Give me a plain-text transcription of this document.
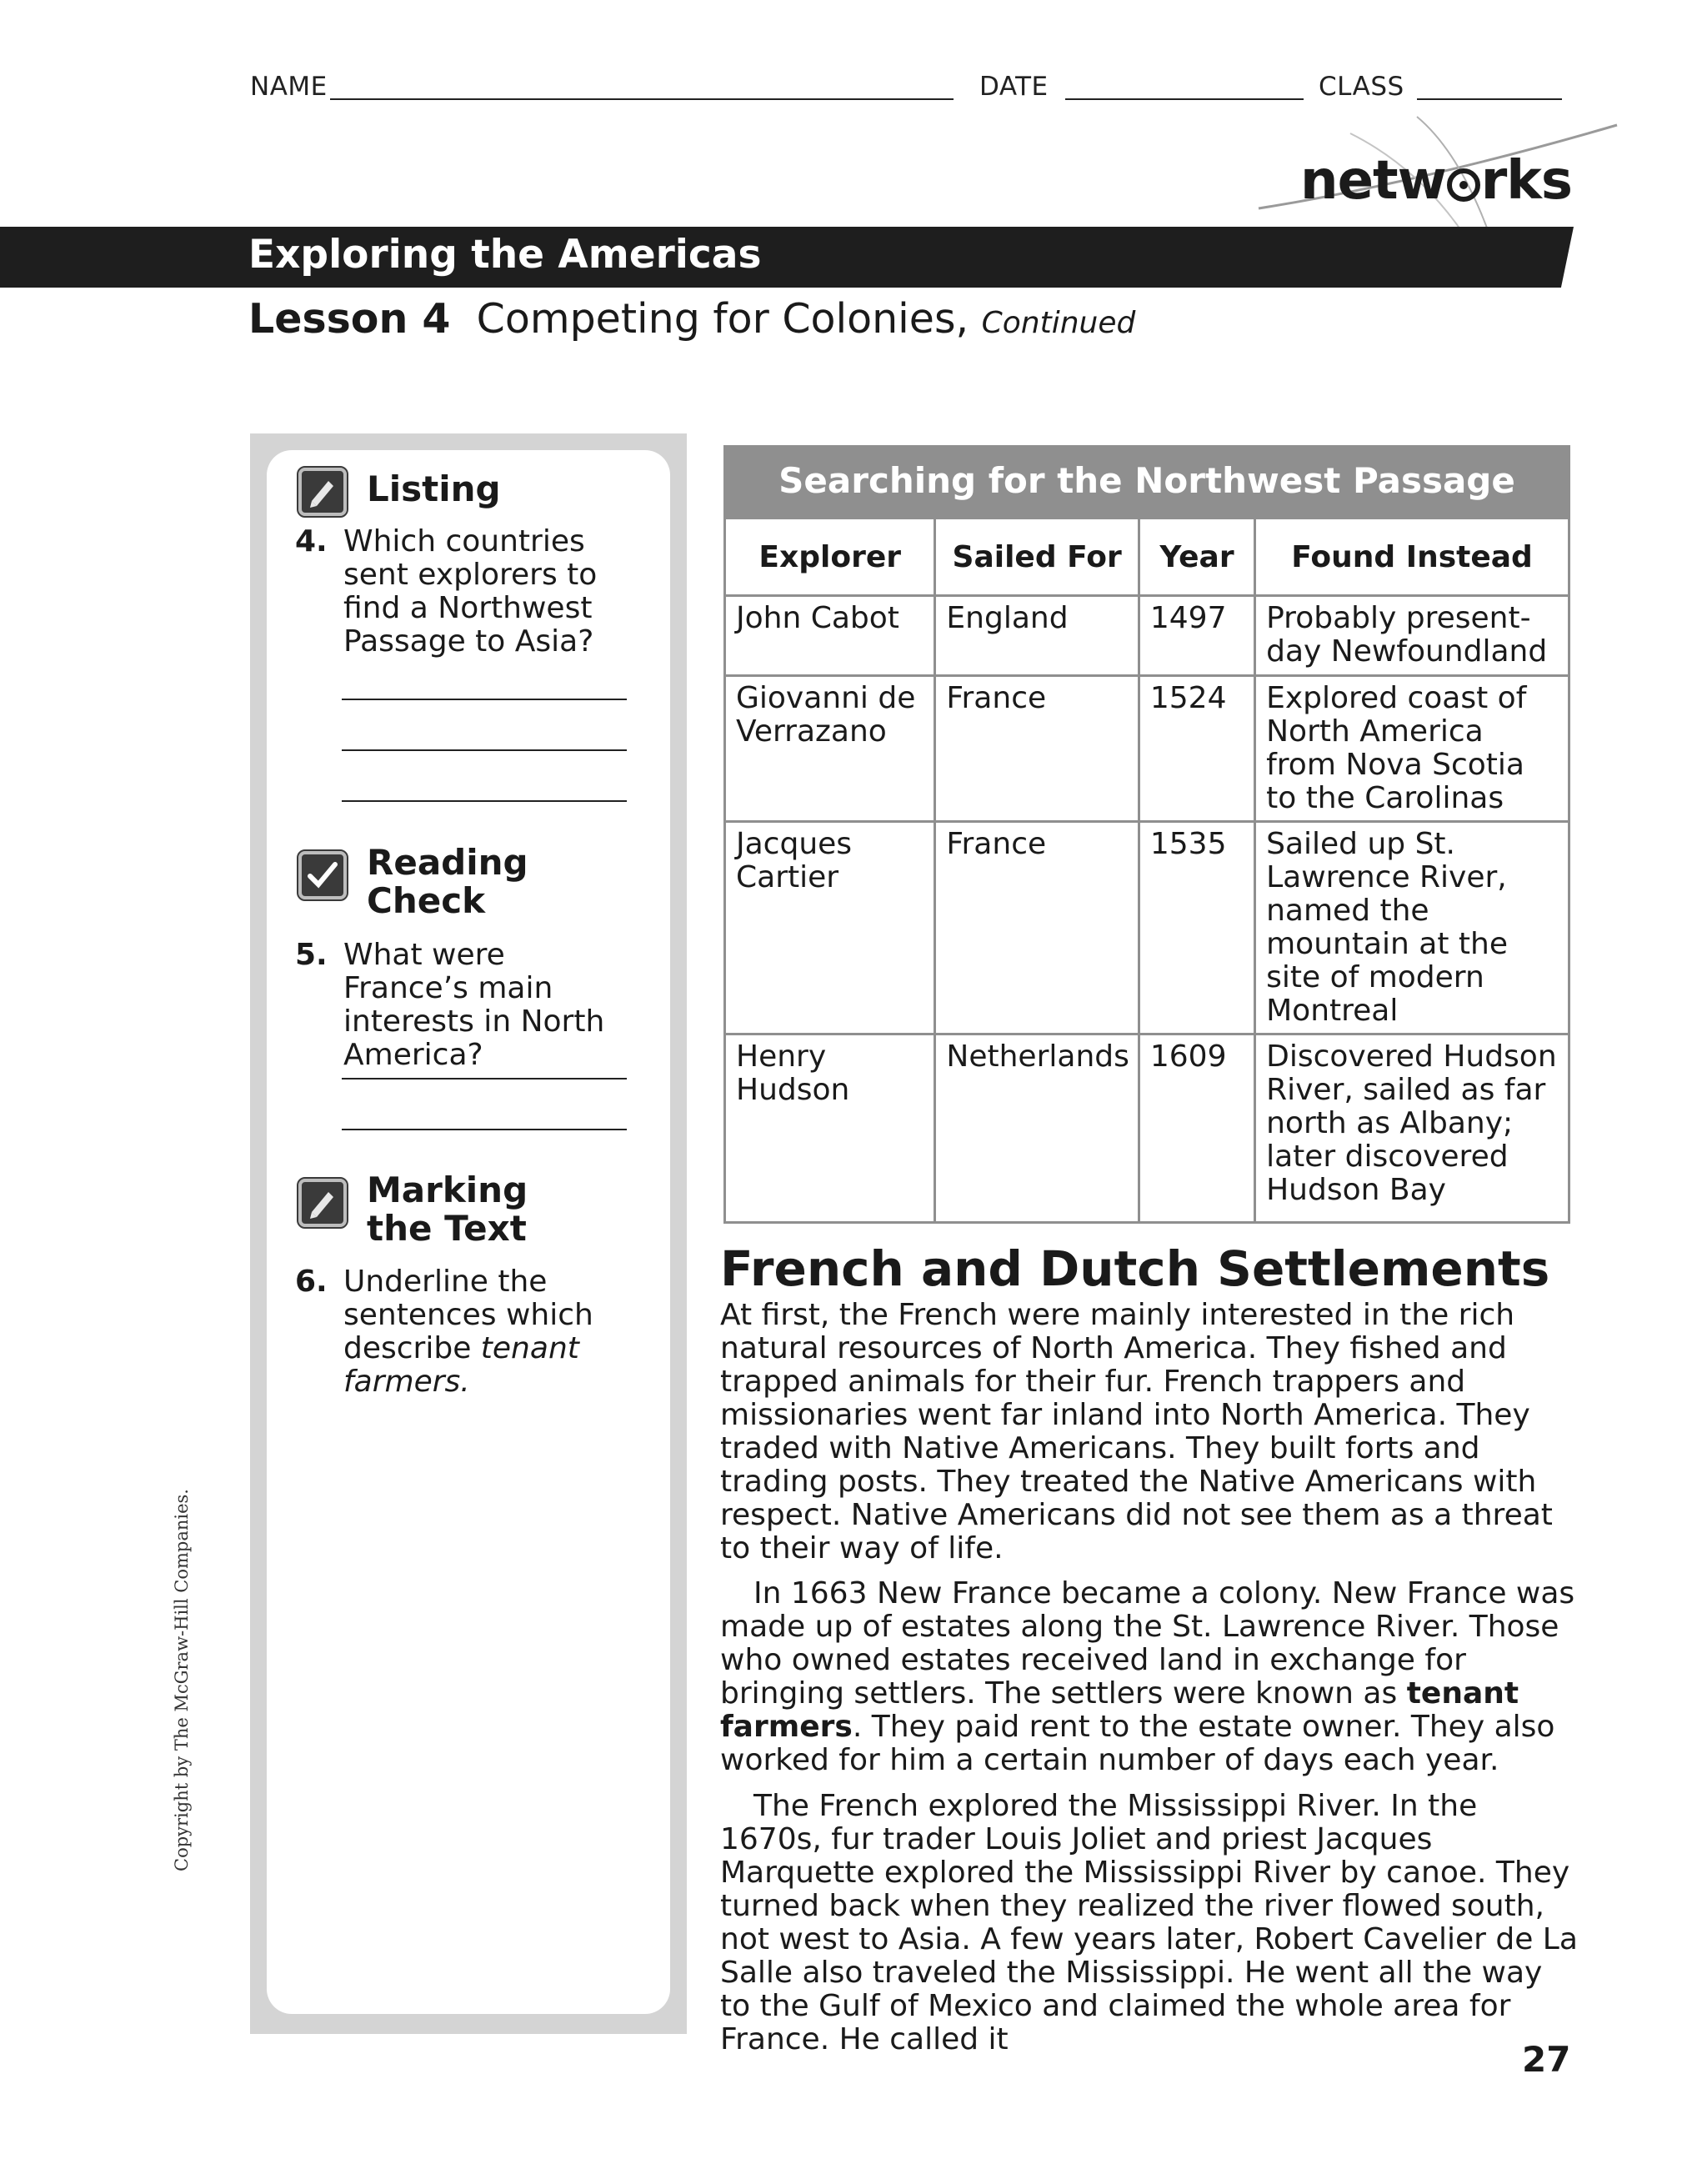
NAME	DATE	CLASS
netw rks
Exploring the Americas
Lesson 4 Competing for Colonies, Continued
Listing
4. Which countries sent explorers to find a Northwest Passage to Asia?
Reading
Check
5. What were France’s main interests in North America?
Marking
the Text
6. Underline the sentences which describe tenant farmers.
Searching for the Northwest Passage
Explorer	Sailed For	Year	Found Instead
John Cabot	England	1497	Probably present-day Newfoundland
Giovanni de Verrazano	France	1524	Explored coast of North America from Nova Scotia to the Carolinas
Jacques Cartier	France	1535	Sailed up St. Lawrence River, named the mountain at the site of modern Montreal
Henry Hudson	Netherlands	1609	Discovered Hudson River, sailed as far north as Albany; later discovered Hudson Bay
French and Dutch Settlements

At first, the French were mainly interested in the rich natural resources of North America. They fished and trapped animals for their fur. French trappers and missionaries went far inland into North America. They traded with Native Americans. They built forts and trading posts. They treated the Native Americans with respect. Native Americans did not see them as a threat to their way of life.

In 1663 New France became a colony. New France was made up of estates along the St. Lawrence River. Those who owned estates received land in exchange for bringing settlers. The settlers were known as tenant farmers. They paid rent to the estate owner. They also worked for him a certain number of days each year.

The French explored the Mississippi River. In the 1670s, fur trader Louis Joliet and priest Jacques Marquette explored the Mississippi River by canoe. They turned back when they realized the river flowed south, not west to Asia. A few years later, Robert Cavelier de La Salle also traveled the Mississippi. He went all the way to the Gulf of Mexico and claimed the whole area for France. He called it

Copyright by The McGraw-Hill Companies.
27
